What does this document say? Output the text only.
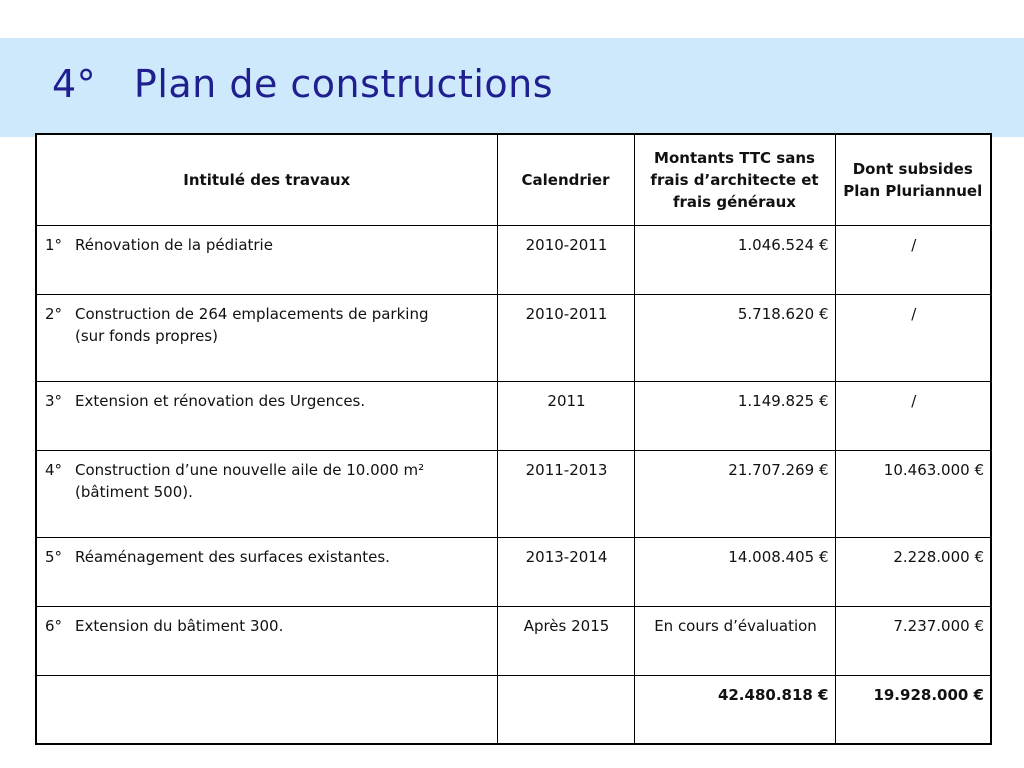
4°   Plan de constructions
Intitulé des travaux	Calendrier	Montants TTC sans frais d’architecte et frais généraux	Dont subsides Plan Pluriannuel
1° Rénovation de la pédiatrie	2010-2011	1.046.524 €	/
2° Construction de 264 emplacements de parking
(sur fonds propres)	2010-2011	5.718.620 €	/
3° Extension et rénovation des Urgences.	2011	1.149.825 €	/
4° Construction d’une nouvelle aile de 10.000 m²
(bâtiment 500).	2011-2013	21.707.269 €	10.463.000 €
5° Réaménagement des surfaces existantes.	2013-2014	14.008.405 €	2.228.000 €
6° Extension du bâtiment 300.	Après 2015	En cours d’évaluation	7.237.000 €
		42.480.818 €	19.928.000 €
